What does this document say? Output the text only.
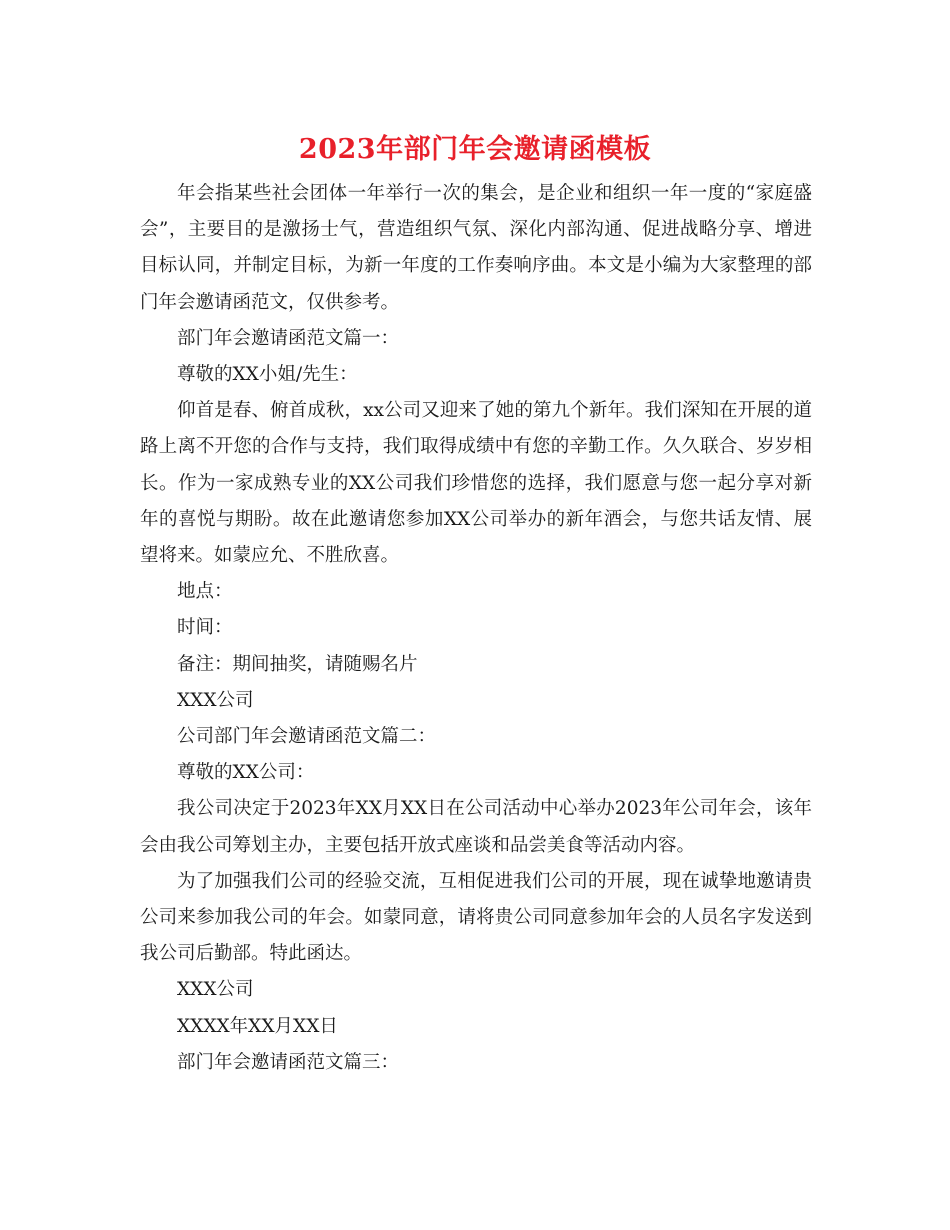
2023年部门年会邀请函模板

年会指某些社会团体一年举行一次的集会，是企业和组织一年一度的“家庭盛会”，主要目的是激扬士气，营造组织气氛、深化内部沟通、促进战略分享、增进目标认同，并制定目标，为新一年度的工作奏响序曲。本文是小编为大家整理的部门年会邀请函范文，仅供参考。

部门年会邀请函范文篇一：

尊敬的XX小姐/先生：

仰首是春、俯首成秋，xx公司又迎来了她的第九个新年。我们深知在开展的道路上离不开您的合作与支持，我们取得成绩中有您的辛勤工作。久久联合、岁岁相长。作为一家成熟专业的XX公司我们珍惜您的选择，我们愿意与您一起分享对新年的喜悦与期盼。故在此邀请您参加XX公司举办的新年酒会，与您共话友情、展望将来。如蒙应允、不胜欣喜。

地点：

时间：

备注：期间抽奖，请随赐名片

XXX公司

公司部门年会邀请函范文篇二：

尊敬的XX公司：

我公司决定于2023年XX月XX日在公司活动中心举办2023年公司年会，该年会由我公司筹划主办，主要包括开放式座谈和品尝美食等活动内容。

为了加强我们公司的经验交流，互相促进我们公司的开展，现在诚挚地邀请贵公司来参加我公司的年会。如蒙同意，请将贵公司同意参加年会的人员名字发送到我公司后勤部。特此函达。

XXX公司

XXXX年XX月XX日

部门年会邀请函范文篇三：
